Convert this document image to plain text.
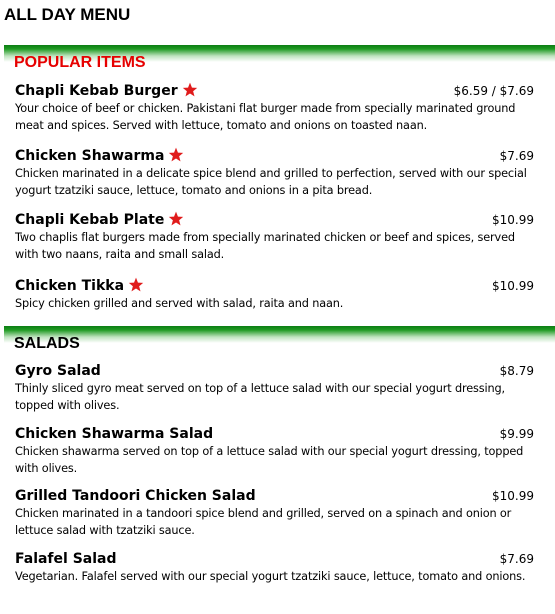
ALL DAY MENU
POPULAR ITEMS
Chapli Kebab Burger	$6.59 / $7.69
Your choice of beef or chicken. Pakistani flat burger made from specially marinated ground meat and spices. Served with lettuce, tomato and onions on toasted naan.
Chicken Shawarma	$7.69
Chicken marinated in a delicate spice blend and grilled to perfection, served with our special yogurt tzatziki sauce, lettuce, tomato and onions in a pita bread.
Chapli Kebab Plate	$10.99
Two chaplis flat burgers made from specially marinated chicken or beef and spices, served with two naans, raita and small salad.
Chicken Tikka	$10.99
Spicy chicken grilled and served with salad, raita and naan.
SALADS
Gyro Salad	$8.79
Thinly sliced gyro meat served on top of a lettuce salad with our special yogurt dressing, topped with olives.
Chicken Shawarma Salad	$9.99
Chicken shawarma served on top of a lettuce salad with our special yogurt dressing, topped with olives.
Grilled Tandoori Chicken Salad	$10.99
Chicken marinated in a tandoori spice blend and grilled, served on a spinach and onion or lettuce salad with tzatziki sauce.
Falafel Salad	$7.69
Vegetarian. Falafel served with our special yogurt tzatziki sauce, lettuce, tomato and onions.
